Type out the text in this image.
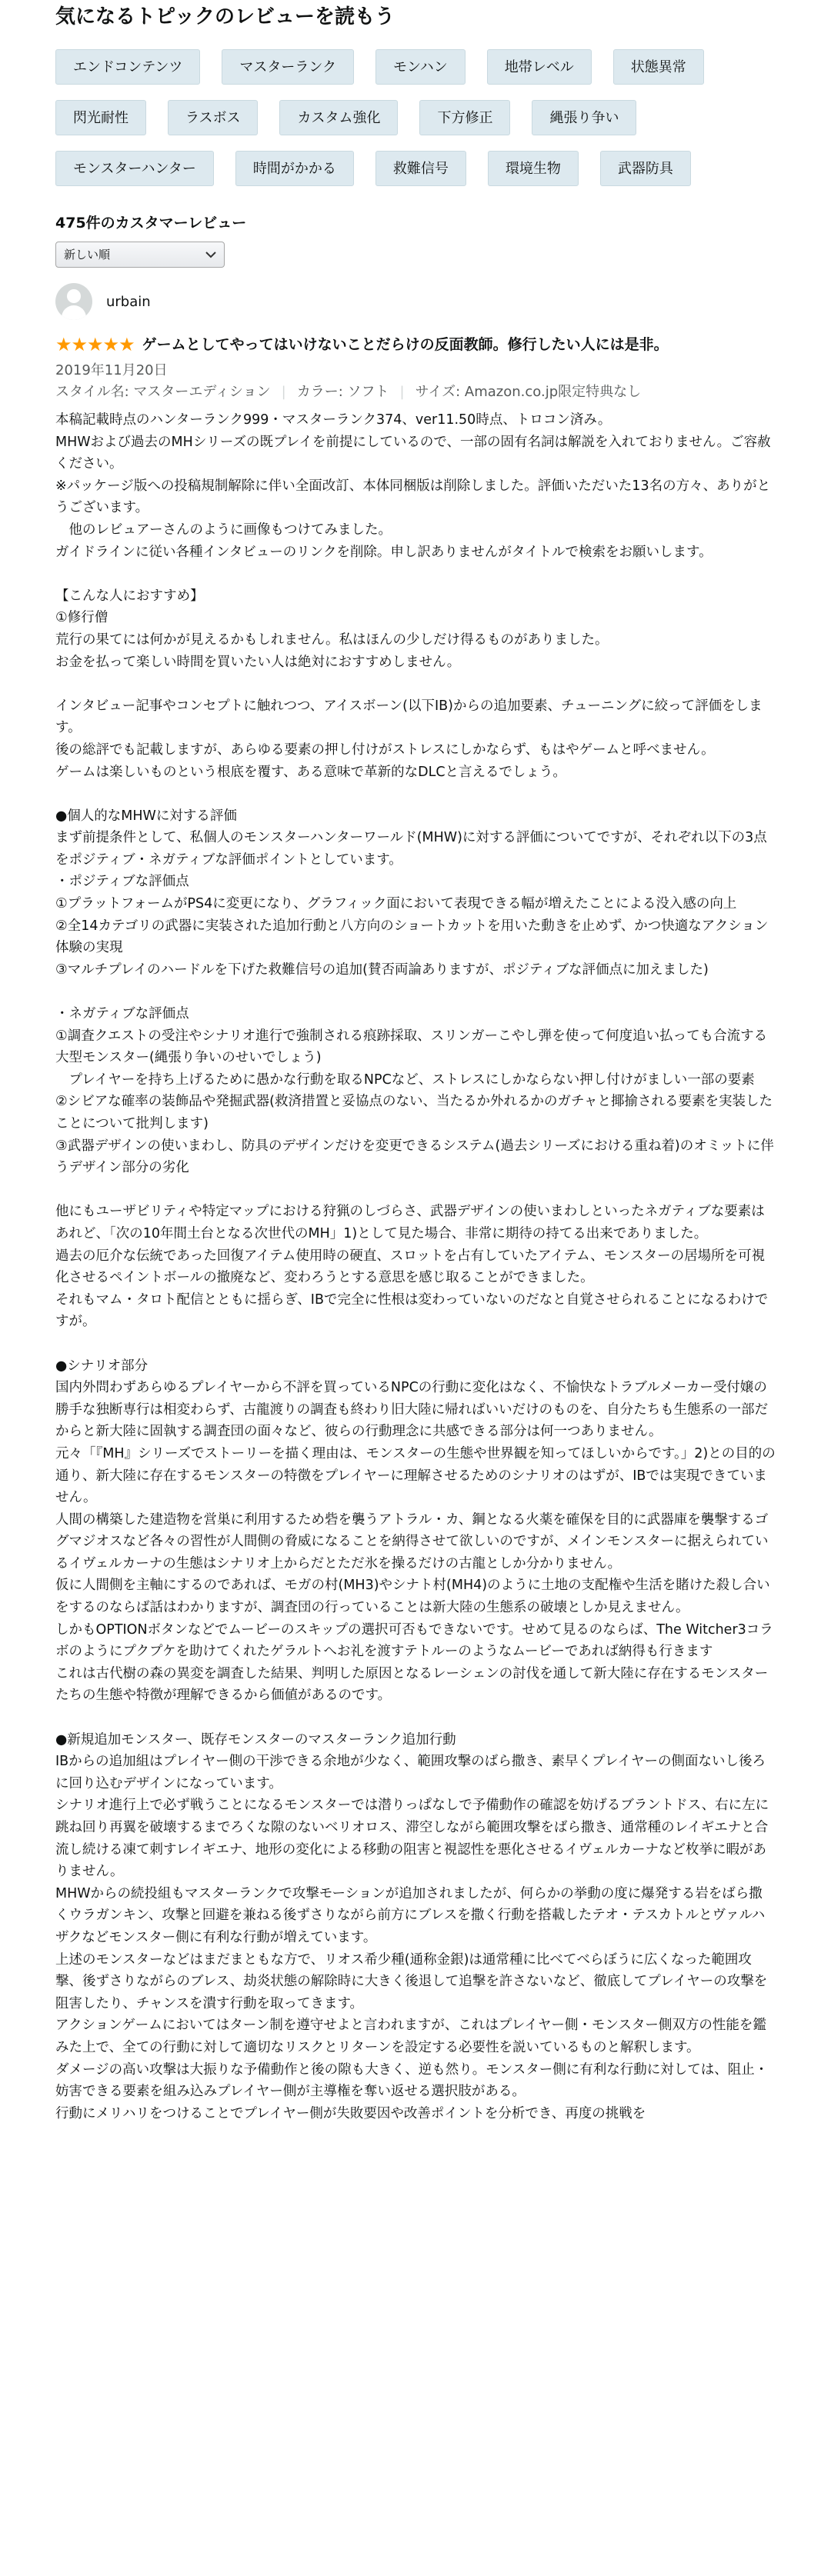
気になるトピックのレビューを読もう
エンドコンテンツ	マスターランク	モンハン	地帯レベル	状態異常
閃光耐性	ラスボス	カスタム強化	下方修正	縄張り争い
モンスターハンター	時間がかかる	救難信号	環境生物	武器防具
475件のカスタマーレビュー
新しい順
urbain
★★★★★ ゲームとしてやってはいけないことだらけの反面教師。修行したい人には是非。
2019年11月20日
スタイル名: マスターエディション | カラー: ソフト | サイズ: Amazon.co.jp限定特典なし
本稿記載時点のハンターランク999・マスターランク374、ver11.50時点、トロコン済み。
MHWおよび過去のMHシリーズの既プレイを前提にしているので、一部の固有名詞は解説を入れておりません。ご容赦ください。
※パッケージ版への投稿規制解除に伴い全面改訂、本体同梱版は削除しました。評価いただいた13名の方々、ありがとうございます。
　他のレビュアーさんのように画像もつけてみました。
ガイドラインに従い各種インタビューのリンクを削除。申し訳ありませんがタイトルで検索をお願いします。

【こんな人におすすめ】
①修行僧
荒行の果てには何かが見えるかもしれません。私はほんの少しだけ得るものがありました。
お金を払って楽しい時間を買いたい人は絶対におすすめしません。

インタビュー記事やコンセプトに触れつつ、アイスボーン(以下IB)からの追加要素、チューニングに絞って評価をします。
後の総評でも記載しますが、あらゆる要素の押し付けがストレスにしかならず、もはやゲームと呼べません。
ゲームは楽しいものという根底を覆す、ある意味で革新的なDLCと言えるでしょう。

●個人的なMHWに対する評価
まず前提条件として、私個人のモンスターハンターワールド(MHW)に対する評価についてですが、それぞれ以下の3点をポジティブ・ネガティブな評価ポイントとしています。
・ポジティブな評価点
①プラットフォームがPS4に変更になり、グラフィック面において表現できる幅が増えたことによる没入感の向上
②全14カテゴリの武器に実装された追加行動と八方向のショートカットを用いた動きを止めず、かつ快適なアクション体験の実現
③マルチプレイのハードルを下げた救難信号の追加(賛否両論ありますが、ポジティブな評価点に加えました)

・ネガティブな評価点
①調査クエストの受注やシナリオ進行で強制される痕跡採取、スリンガーこやし弾を使って何度追い払っても合流する大型モンスター(縄張り争いのせいでしょう)
　プレイヤーを持ち上げるために愚かな行動を取るNPCなど、ストレスにしかならない押し付けがましい一部の要素
②シビアな確率の装飾品や発掘武器(救済措置と妥協点のない、当たるか外れるかのガチャと揶揄される要素を実装したことについて批判します)
③武器デザインの使いまわし、防具のデザインだけを変更できるシステム(過去シリーズにおける重ね着)のオミットに伴うデザイン部分の劣化

他にもユーザビリティや特定マップにおける狩猟のしづらさ、武器デザインの使いまわしといったネガティブな要素はあれど、「次の10年間土台となる次世代のMH」1)として見た場合、非常に期待の持てる出来でありました。
過去の厄介な伝統であった回復アイテム使用時の硬直、スロットを占有していたアイテム、モンスターの居場所を可視化させるペイントボールの撤廃など、変わろうとする意思を感じ取ることができました。
それもマム・タロト配信とともに揺らぎ、IBで完全に性根は変わっていないのだなと自覚させられることになるわけですが。

●シナリオ部分
国内外問わずあらゆるプレイヤーから不評を買っているNPCの行動に変化はなく、不愉快なトラブルメーカー受付嬢の勝手な独断専行は相変わらず、古龍渡りの調査も終わり旧大陸に帰ればいいだけのものを、自分たちも生態系の一部だからと新大陸に固執する調査団の面々など、彼らの行動理念に共感できる部分は何一つありません。
元々「『MH』シリーズでストーリーを描く理由は、モンスターの生態や世界観を知ってほしいからです。」2)との目的の通り、新大陸に存在するモンスターの特徴をプレイヤーに理解させるためのシナリオのはずが、IBでは実現できていません。
人間の構築した建造物を営巣に利用するため砦を襲うアトラル・カ、鋼となる火薬を確保を目的に武器庫を襲撃するゴグマジオスなど各々の習性が人間側の脅威になることを納得させて欲しいのですが、メインモンスターに据えられているイヴェルカーナの生態はシナリオ上からだとただ氷を操るだけの古龍としか分かりません。
仮に人間側を主軸にするのであれば、モガの村(MH3)やシナト村(MH4)のように土地の支配権や生活を賭けた殺し合いをするのならば話はわかりますが、調査団の行っていることは新大陸の生態系の破壊としか見えません。
しかもOPTIONボタンなどでムービーのスキップの選択可否もできないです。せめて見るのならば、The Witcher3コラボのようにプクプケを助けてくれたゲラルトへお礼を渡すテトルーのようなムービーであれば納得も行きます
これは古代樹の森の異変を調査した結果、判明した原因となるレーシェンの討伐を通して新大陸に存在するモンスターたちの生態や特徴が理解できるから価値があるのです。

●新規追加モンスター、既存モンスターのマスターランク追加行動
IBからの追加組はプレイヤー側の干渉できる余地が少なく、範囲攻撃のばら撒き、素早くプレイヤーの側面ないし後ろに回り込むデザインになっています。
シナリオ進行上で必ず戦うことになるモンスターでは潜りっぱなしで予備動作の確認を妨げるブラントドス、右に左に跳ね回り再翼を破壊するまでろくな隙のないベリオロス、滞空しながら範囲攻撃をばら撒き、通常種のレイギエナと合流し続ける凍て刺すレイギエナ、地形の変化による移動の阻害と視認性を悪化させるイヴェルカーナなど枚挙に暇がありません。
MHWからの続投組もマスターランクで攻撃モーションが追加されましたが、何らかの挙動の度に爆発する岩をばら撒くウラガンキン、攻撃と回避を兼ねる後ずさりながら前方にブレスを撒く行動を搭載したテオ・テスカトルとヴァルハザクなどモンスター側に有利な行動が増えています。
上述のモンスターなどはまだまともな方で、リオス希少種(通称金銀)は通常種に比べてべらぼうに広くなった範囲攻撃、後ずさりながらのブレス、劫炎状態の解除時に大きく後退して追撃を許さないなど、徹底してプレイヤーの攻撃を阻害したり、チャンスを潰す行動を取ってきます。
アクションゲームにおいてはターン制を遵守せよと言われますが、これはプレイヤー側・モンスター側双方の性能を鑑みた上で、全ての行動に対して適切なリスクとリターンを設定する必要性を説いているものと解釈します。
ダメージの高い攻撃は大振りな予備動作と後の隙も大きく、逆も然り。モンスター側に有利な行動に対しては、阻止・妨害できる要素を組み込みプレイヤー側が主導権を奪い返せる選択肢がある。
行動にメリハリをつけることでプレイヤー側が失敗要因や改善ポイントを分析でき、再度の挑戦を
